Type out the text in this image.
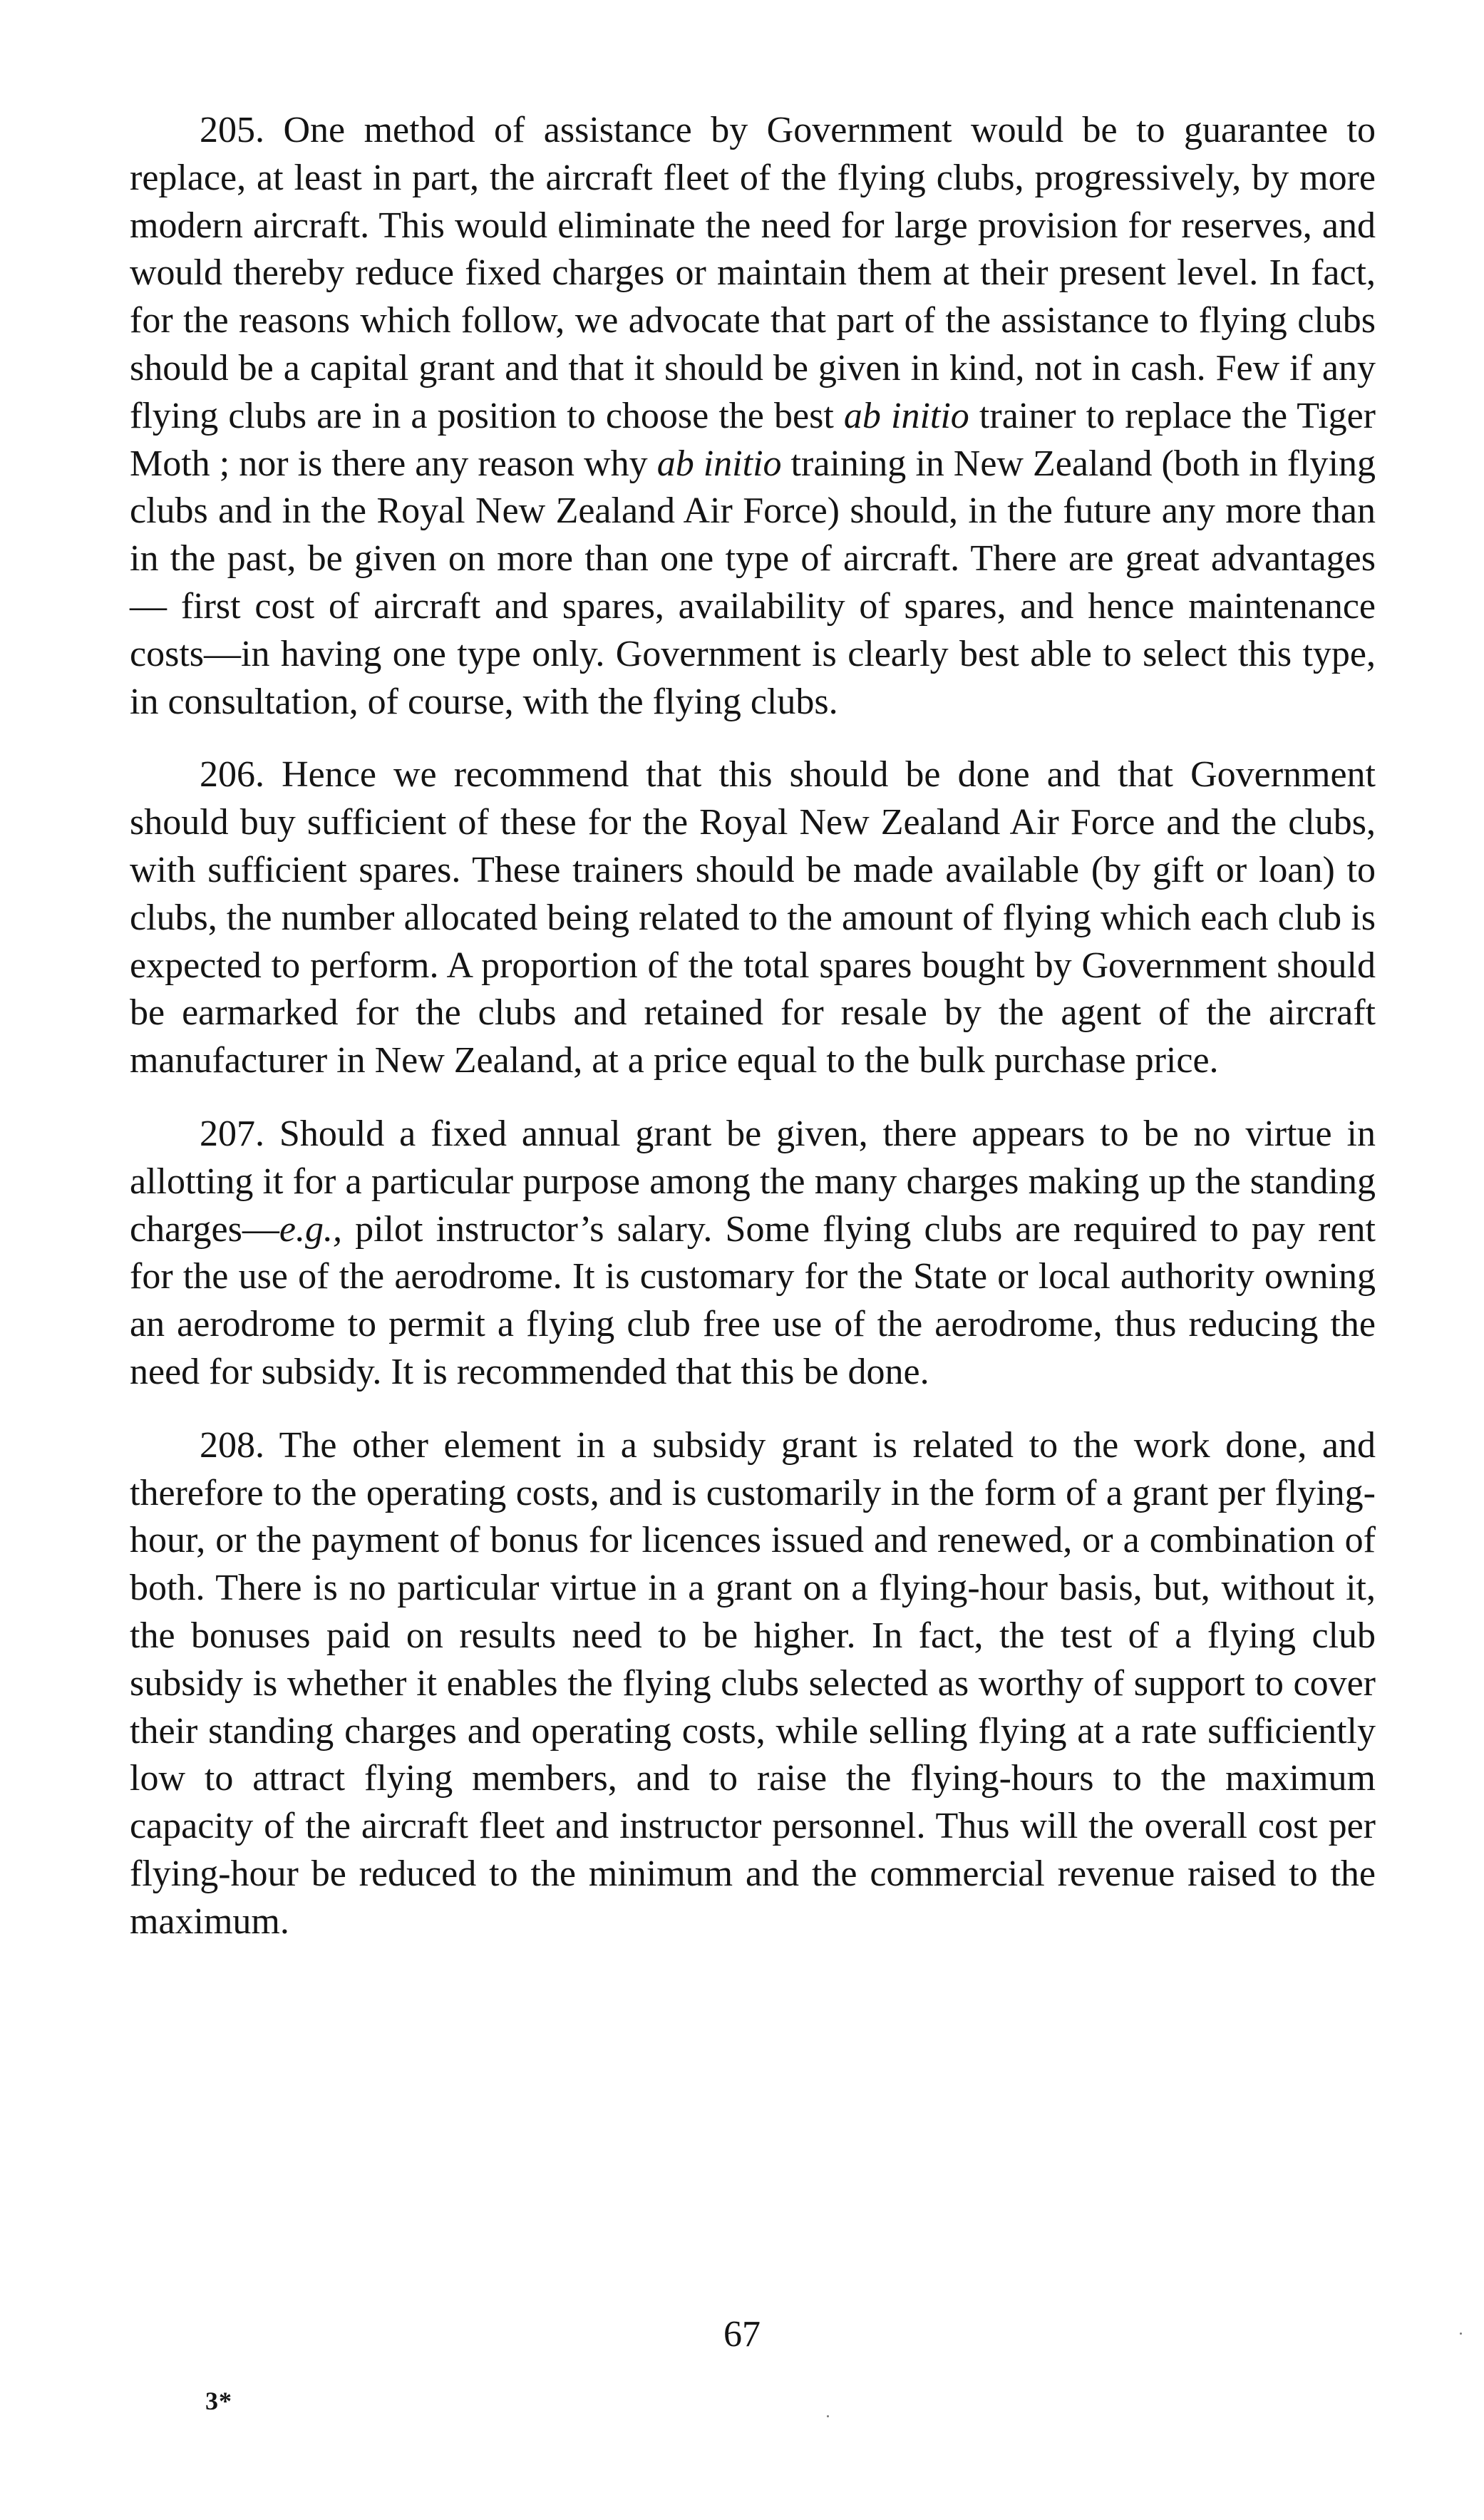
205. One method of assistance by Government would be to guarantee to replace, at least in part, the aircraft fleet of the flying clubs, progressively, by more modern aircraft. This would eliminate the need for large provision for reserves, and would thereby reduce fixed charges or maintain them at their present level. In fact, for the reasons which follow, we advocate that part of the assistance to flying clubs should be a capital grant and that it should be given in kind, not in cash. Few if any flying clubs are in a position to choose the best ab initio trainer to replace the Tiger Moth ; nor is there any reason why ab initio training in New Zealand (both in flying clubs and in the Royal New Zealand Air Force) should, in the future any more than in the past, be given on more than one type of aircraft. There are great advantages— first cost of aircraft and spares, availability of spares, and hence maintenance costs—in having one type only. Government is clearly best able to select this type, in consultation, of course, with the flying clubs.

206. Hence we recommend that this should be done and that Government should buy sufficient of these for the Royal New Zealand Air Force and the clubs, with sufficient spares. These trainers should be made available (by gift or loan) to clubs, the number allocated being related to the amount of flying which each club is expected to perform. A proportion of the total spares bought by Government should be earmarked for the clubs and retained for resale by the agent of the aircraft manufacturer in New Zealand, at a price equal to the bulk purchase price.

207. Should a fixed annual grant be given, there appears to be no virtue in allotting it for a particular purpose among the many charges making up the standing charges—e.g., pilot instructor’s salary. Some flying clubs are required to pay rent for the use of the aerodrome. It is customary for the State or local authority owning an aerodrome to permit a flying club free use of the aerodrome, thus reducing the need for subsidy. It is recommended that this be done.

208. The other element in a subsidy grant is related to the work done, and therefore to the operating costs, and is customarily in the form of a grant per flying-hour, or the payment of bonus for licences issued and renewed, or a combination of both. There is no particular virtue in a grant on a flying-hour basis, but, without it, the bonuses paid on results need to be higher. In fact, the test of a flying club subsidy is whether it enables the flying clubs selected as worthy of support to cover their standing charges and operating costs, while selling flying at a rate sufficiently low to attract flying members, and to raise the flying-hours to the maximum capacity of the aircraft fleet and instructor personnel. Thus will the overall cost per flying-hour be reduced to the minimum and the commercial revenue raised to the maximum.

67
3*
